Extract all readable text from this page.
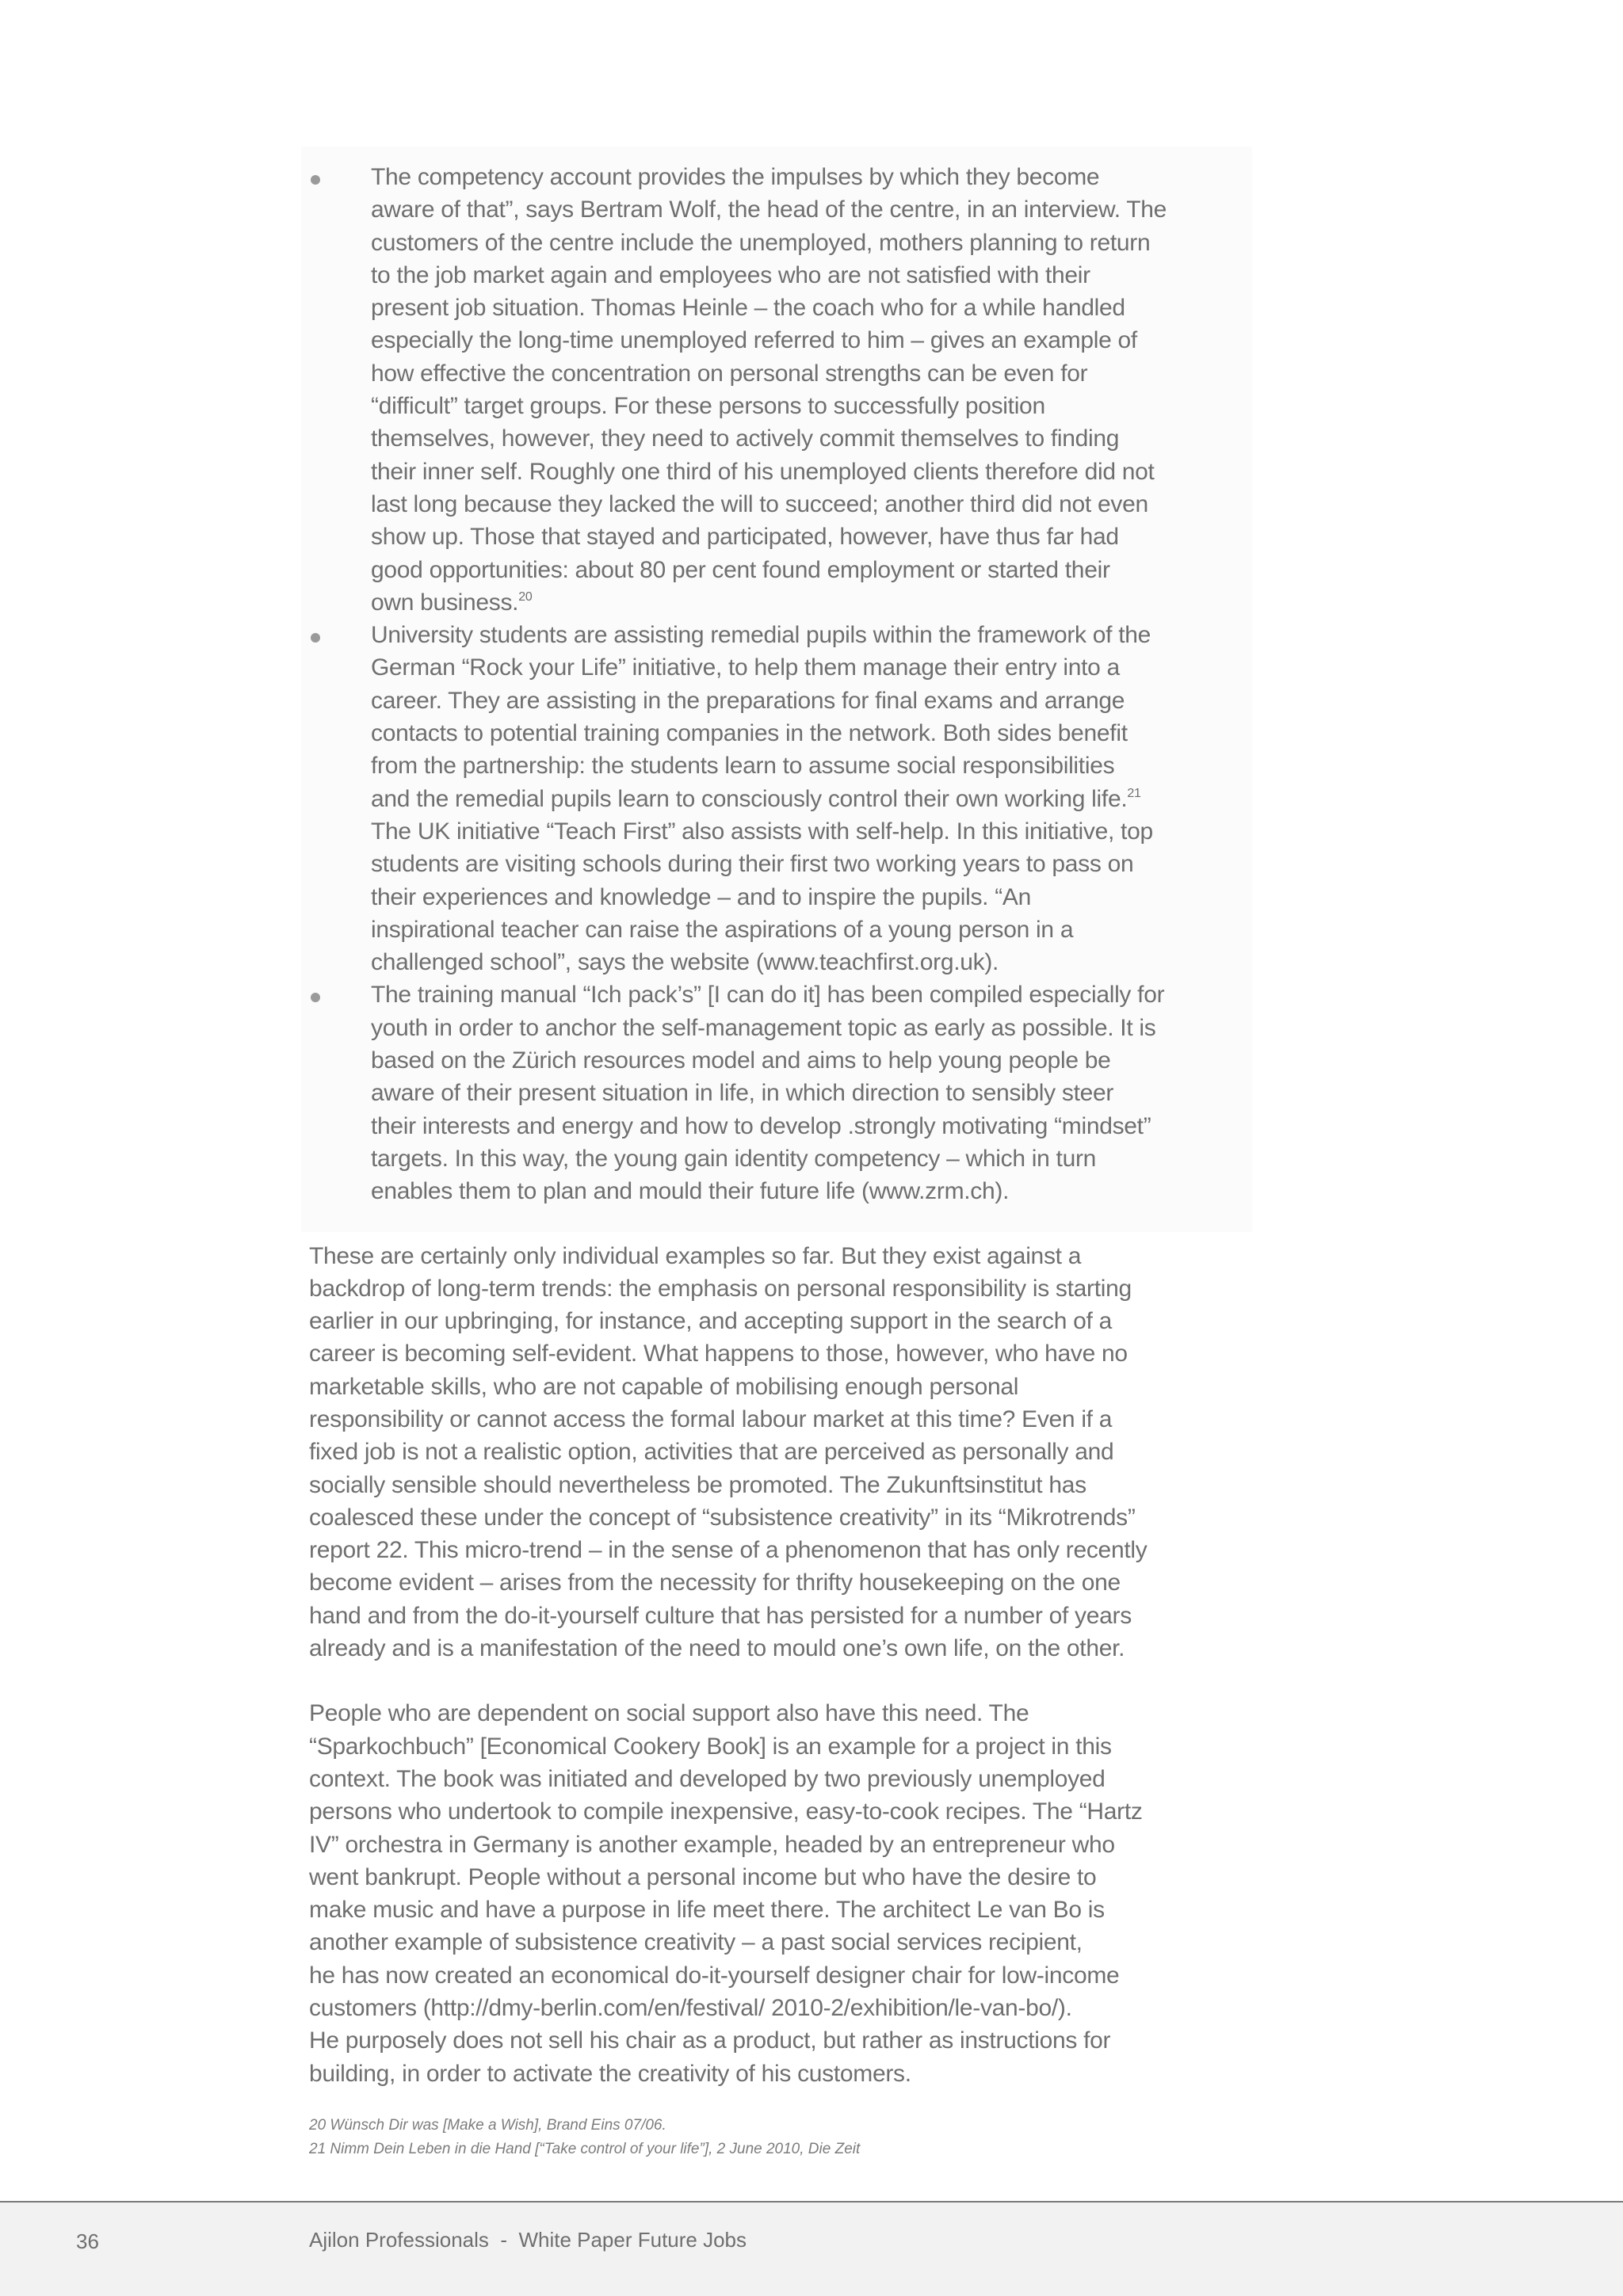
The competency account provides the impulses by which they become
aware of that”, says Bertram Wolf, the head of the centre, in an interview. The
customers of the centre include the unemployed, mothers planning to return
to the job market again and employees who are not satisfied with their
present job situation. Thomas Heinle – the coach who for a while handled
especially the long-time unemployed referred to him – gives an example of
how effective the concentration on personal strengths can be even for
“difficult” target groups. For these persons to successfully position
themselves, however, they need to actively commit themselves to finding
their inner self. Roughly one third of his unemployed clients therefore did not
last long because they lacked the will to succeed; another third did not even
show up. Those that stayed and participated, however, have thus far had
good opportunities: about 80 per cent found employment or started their
own business.$^{20}$
University students are assisting remedial pupils within the framework of the
German “Rock your Life” initiative, to help them manage their entry into a
career. They are assisting in the preparations for final exams and arrange
contacts to potential training companies in the network. Both sides benefit
from the partnership: the students learn to assume social responsibilities
and the remedial pupils learn to consciously control their own working life.$^{21}$
The UK initiative “Teach First” also assists with self-help. In this initiative, top
students are visiting schools during their first two working years to pass on
their experiences and knowledge – and to inspire the pupils. “An
inspirational teacher can raise the aspirations of a young person in a
challenged school”, says the website (www.teachfirst.org.uk).
The training manual “Ich pack’s” [I can do it] has been compiled especially for
youth in order to anchor the self-management topic as early as possible. It is
based on the Zürich resources model and aims to help young people be
aware of their present situation in life, in which direction to sensibly steer
their interests and energy and how to develop .strongly motivating “mindset”
targets. In this way, the young gain identity competency – which in turn
enables them to plan and mould their future life (www.zrm.ch).

These are certainly only individual examples so far. But they exist against a
backdrop of long-term trends: the emphasis on personal responsibility is starting
earlier in our upbringing, for instance, and accepting support in the search of a
career is becoming self-evident. What happens to those, however, who have no
marketable skills, who are not capable of mobilising enough personal
responsibility or cannot access the formal labour market at this time? Even if a
fixed job is not a realistic option, activities that are perceived as personally and
socially sensible should nevertheless be promoted. The Zukunftsinstitut has
coalesced these under the concept of “subsistence creativity” in its “Mikrotrends”
report 22. This micro-trend – in the sense of a phenomenon that has only recently
become evident – arises from the necessity for thrifty housekeeping on the one
hand and from the do-it-yourself culture that has persisted for a number of years
already and is a manifestation of the need to mould one’s own life, on the other.

People who are dependent on social support also have this need. The
“Sparkochbuch” [Economical Cookery Book] is an example for a project in this
context. The book was initiated and developed by two previously unemployed
persons who undertook to compile inexpensive, easy-to-cook recipes. The “Hartz
IV” orchestra in Germany is another example, headed by an entrepreneur who
went bankrupt. People without a personal income but who have the desire to
make music and have a purpose in life meet there. The architect Le van Bo is
another example of subsistence creativity – a past social services recipient,
he has now created an economical do-it-yourself designer chair for low-income
customers (http://dmy-berlin.com/en/festival/ 2010-2/exhibition/le-van-bo/).
He purposely does not sell his chair as a product, but rather as instructions for
building, in order to activate the creativity of his customers.

20 Wünsch Dir was [Make a Wish], Brand Eins 07/06.

21 Nimm Dein Leben in die Hand [“Take control of your life”], 2 June 2010, Die Zeit

36	Ajilon Professionals  -  White Paper Future Jobs
